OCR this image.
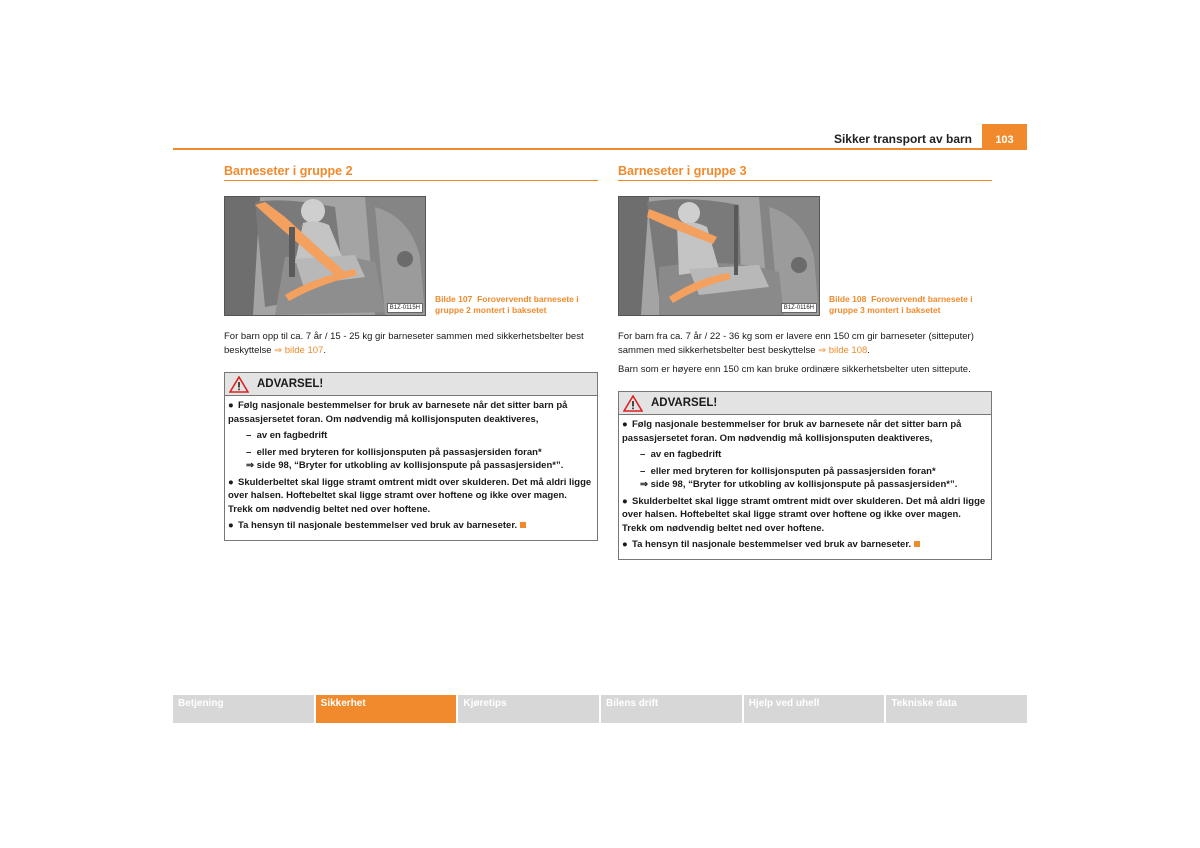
Sikker transport av barn	103
Barneseter i gruppe 2
B1Z-0115H
Bilde 107 Forovervendt barnesete i gruppe 2 montert i baksetet
For barn opp til ca. 7 år / 15 - 25 kg gir barneseter sammen med sikkerhetsbelter best beskyttelse ⇒ bilde 107.
ADVARSEL!
● Følg nasjonale bestemmelser for bruk av barnesete når det sitter barn på passasjersetet foran. Om nødvendig må kollisjonsputen deaktiveres,
–  av en fagbedrift
–  eller med bryteren for kollisjonsputen på passasjersiden foran*
⇒ side 98, “Bryter for utkobling av kollisjonspute på passasjersiden*”.
● Skulderbeltet skal ligge stramt omtrent midt over skulderen. Det må aldri ligge over halsen. Hoftebeltet skal ligge stramt over hoftene og ikke over magen. Trekk om nødvendig beltet ned over hoftene.
● Ta hensyn til nasjonale bestemmelser ved bruk av barneseter.
Barneseter i gruppe 3
B1Z-0116H
Bilde 108 Forovervendt barnesete i gruppe 3 montert i baksetet
For barn fra ca. 7 år / 22 - 36 kg som er lavere enn 150 cm gir barneseter (sitteputer) sammen med sikkerhetsbelter best beskyttelse ⇒ bilde 108.
Barn som er høyere enn 150 cm kan bruke ordinære sikkerhetsbelter uten sittepute.
ADVARSEL!
● Følg nasjonale bestemmelser for bruk av barnesete når det sitter barn på passasjersetet foran. Om nødvendig må kollisjonsputen deaktiveres,
–  av en fagbedrift
–  eller med bryteren for kollisjonsputen på passasjersiden foran*
⇒ side 98, “Bryter for utkobling av kollisjonspute på passasjersiden*”.
● Skulderbeltet skal ligge stramt omtrent midt over skulderen. Det må aldri ligge over halsen. Hoftebeltet skal ligge stramt over hoftene og ikke over magen. Trekk om nødvendig beltet ned over hoftene.
● Ta hensyn til nasjonale bestemmelser ved bruk av barneseter.
Betjening	Sikkerhet	Kjøretips	Bilens drift	Hjelp ved uhell	Tekniske data
